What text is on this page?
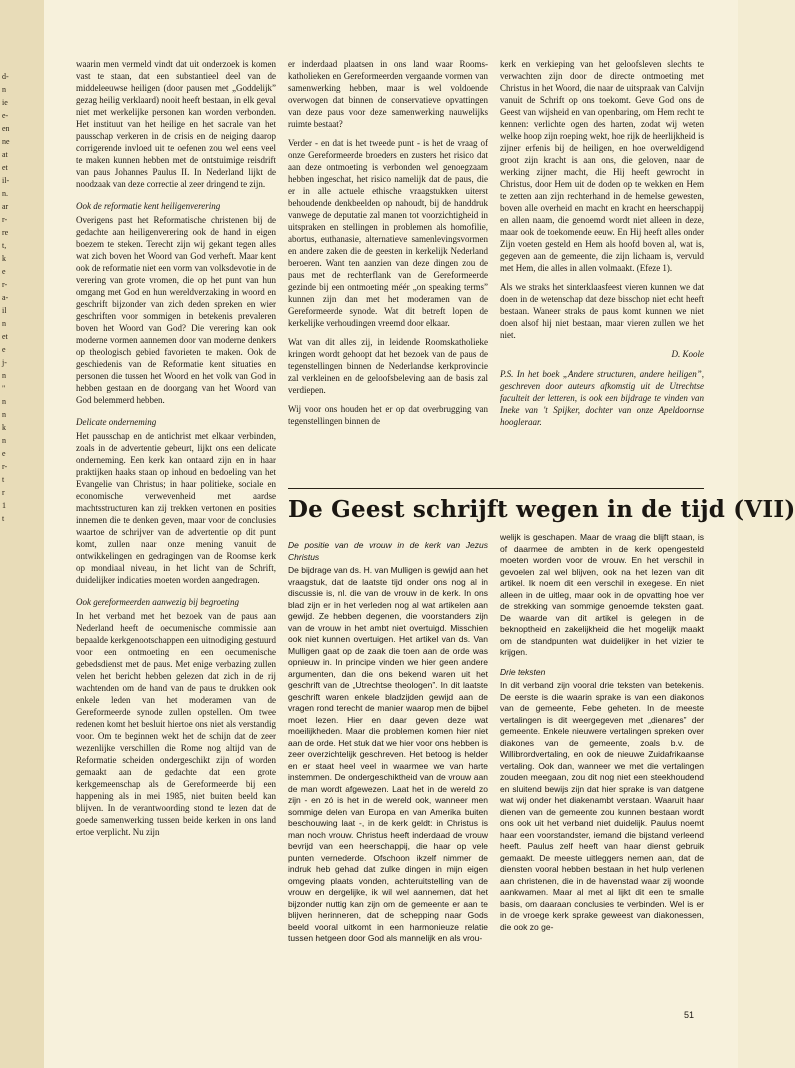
d-
n
ie
e-
en
ne
at
et
il-
n.
ar
r-
re
t,
k
e
r-
a-
il
n
et
e
j-
n
"
n
n
k
n
e
r-
t
r
1
t

waarin men vermeld vindt dat uit onderzoek is komen vast te staan, dat een substantieel deel van de middeleeuwse heiligen (door pausen met „Goddelijk” gezag heilig verklaard) nooit heeft bestaan, in elk geval niet met werkelijke personen kan worden verbonden. Het instituut van het heilige en het sacrale van het pausschap verkeren in de crisis en de neiging daarop corrigerende invloed uit te oefenen zou wel eens veel te maken kunnen hebben met de ontstuimige reisdrift van paus Johannes Paulus II. In Nederland lijkt de noodzaak van deze correctie al zeer dringend te zijn.

Ook de reformatie kent heiligenverering

Overigens past het Reformatische christenen bij de gedachte aan heiligenverering ook de hand in eigen boezem te steken. Terecht zijn wij gekant tegen alles wat zich boven het Woord van God verheft. Maar kent ook de reformatie niet een vorm van volksdevotie in de verering van grote vromen, die op het punt van hun omgang met God en hun wereldverzaking in woord en geschrift bijzonder van zich deden spreken en wier geschriften voor sommigen in betekenis prevaleren boven het Woord van God? Die verering kan ook moderne vormen aannemen door van moderne denkers op theologisch gebied favorieten te maken. Ook de geschiedenis van de Reformatie kent situaties en personen die tussen het Woord en het volk van God in hebben gestaan en de doorgang van het Woord van God belemmerd hebben.

Delicate onderneming

Het pausschap en de antichrist met elkaar verbinden, zoals in de advertentie gebeurt, lijkt ons een delicate onderneming. Een kerk kan ontaard zijn en in haar praktijken haaks staan op inhoud en bedoeling van het Evangelie van Christus; in haar politieke, sociale en economische verwevenheid met aardse machtsstructuren kan zij trekken vertonen en posities innemen die te denken geven, maar voor de conclusies waartoe de schrijver van de advertentie op dit punt komt, zullen naar onze mening vanuit de ontwikkelingen en gedragingen van de Roomse kerk op mondiaal niveau, in het licht van de Schrift, duidelijker indicaties moeten worden aangedragen.

Ook gereformeerden aanwezig bij begroeting

In het verband met het bezoek van de paus aan Nederland heeft de oecumenische commissie aan bepaalde kerkgenootschappen een uitnodiging gestuurd voor een ontmoeting en een oecumenische gebedsdienst met de paus. Met enige verbazing zullen velen het bericht hebben gelezen dat zich in de rij wachtenden om de hand van de paus te drukken ook enkele leden van het moderamen van de Gereformeerde synode zullen opstellen. Om twee redenen komt het besluit hiertoe ons niet als verstandig voor. Om te beginnen wekt het de schijn dat de zeer wezenlijke verschillen die Rome nog altijd van de Reformatie scheiden ondergeschikt zijn of worden gemaakt aan de gedachte dat een grote kerkgemeenschap als de Gereformeerde bij een happening als in mei 1985, niet buiten beeld kan blijven. In de verantwoording stond te lezen dat de goede samenwerking tussen beide kerken in ons land ertoe verplicht. Nu zijn

er inderdaad plaatsen in ons land waar Rooms-katholieken en Gereformeerden vergaande vormen van samenwerking hebben, maar is wel voldoende overwogen dat binnen de conservatieve opvattingen van deze paus voor deze samenwerking nauwelijks ruimte bestaat?

Verder - en dat is het tweede punt - is het de vraag of onze Gereformeerde broeders en zusters het risico dat aan deze ontmoeting is verbonden wel genoegzaam hebben ingeschat, het risico namelijk dat de paus, die er in alle actuele ethische vraagstukken uiterst behoudende denkbeelden op nahoudt, bij de handdruk vanwege de deputatie zal manen tot voorzichtigheid in uitspraken en stellingen in problemen als homofilie, abortus, euthanasie, alternatieve samenlevingsvormen en andere zaken die de geesten in kerkelijk Nederland beroeren. Want ten aanzien van deze dingen zou de paus met de rechterflank van de Gereformeerde gezinde bij een ontmoeting méér „on speaking terms” kunnen zijn dan met het moderamen van de Gereformeerde synode. Wat dit betreft lopen de kerkelijke verhoudingen vreemd door elkaar.

Wat van dit alles zij, in leidende Roomskatholieke kringen wordt gehoopt dat het bezoek van de paus de tegenstellingen binnen de Nederlandse kerkprovincie zal verkleinen en de geloofsbeleving aan de basis zal verdiepen.

Wij voor ons houden het er op dat overbrugging van tegenstellingen binnen de

kerk en verkieping van het geloofsleven slechts te verwachten zijn door de directe ontmoeting met Christus in het Woord, die naar de uitspraak van Calvijn vanuit de Schrift op ons toekomt. Geve God ons de Geest van wijsheid en van openbaring, om Hem recht te kennen: verlichte ogen des harten, zodat wij weten welke hoop zijn roeping wekt, hoe rijk de heerlijkheid is zijner erfenis bij de heiligen, en hoe overweldigend groot zijn kracht is aan ons, die geloven, naar de werking zijner macht, die Hij heeft gewrocht in Christus, door Hem uit de doden op te wekken en Hem te zetten aan zijn rechterhand in de hemelse gewesten, boven alle overheid en macht en kracht en heerschappij en allen naam, die genoemd wordt niet alleen in deze, maar ook de toekomende eeuw. En Hij heeft alles onder Zijn voeten gesteld en Hem als hoofd boven al, wat is, gegeven aan de gemeente, die zijn lichaam is, vervuld met Hem, die alles in allen volmaakt. (Efeze 1).

Als we straks het sinterklaasfeest vieren kunnen we dat doen in de wetenschap dat deze bisschop niet echt heeft bestaan. Waneer straks de paus komt kunnen we niet doen alsof hij niet bestaan, maar vieren zullen we het niet.

D. Koole
P.S. In het boek „Andere structuren, andere heiligen”, geschreven door auteurs afkomstig uit de Utrechtse faculteit der letteren, is ook een bijdrage te vinden van Ineke van 't Spijker, dochter van onze Apeldoornse hoogleraar.
De Geest schrijft wegen in de tijd (VII)
De positie van de vrouw in de kerk van Jezus Christus

De bijdrage van ds. H. van Mulligen is gewijd aan het vraagstuk, dat de laatste tijd onder ons nog al in discussie is, nl. die van de vrouw in de kerk. In ons blad zijn er in het verleden nog al wat artikelen aan gewijd. Ze hebben degenen, die voorstanders zijn van de vrouw in het ambt niet overtuigd. Misschien ook niet kunnen overtuigen. Het artikel van ds. Van Mulligen gaat op de zaak die toen aan de orde was opnieuw in. In principe vinden we hier geen andere argumenten, dan die ons bekend waren uit het geschrift van de „Utrechtse theologen”. In dit laatste geschrift waren enkele bladzijden gewijd aan de vragen rond terecht de manier waarop men de bijbel moet lezen. Hier en daar geven deze wat moeilijkheden. Maar die problemen komen hier niet aan de orde. Het stuk dat we hier voor ons hebben is zeer overzichtelijk geschreven. Het betoog is helder en er staat heel veel in waarmee we van harte instemmen. De ondergeschiktheid van de vrouw aan de man wordt afgewezen. Laat het in de wereld zo zijn - en zó is het in de wereld ook, wanneer men sommige delen van Europa en van Amerika buiten beschouwing laat -, in de kerk geldt: in Christus is man noch vrouw. Christus heeft inderdaad de vrouw bevrijd van een heerschappij, die haar op vele punten vernederde. Ofschoon ikzelf nimmer de indruk heb gehad dat zulke dingen in mijn eigen omgeving plaats vonden, achteruitstelling van de vrouw en dergelijke, ik wil wel aannemen, dat het bijzonder nuttig kan zijn om de gemeente er aan te blijven herinneren, dat de schepping naar Gods beeld vooral uitkomt in een harmonieuze relatie tussen hetgeen door God als mannelijk en als vrou-

welijk is geschapen. Maar de vraag die blijft staan, is of daarmee de ambten in de kerk opengesteld moeten worden voor de vrouw. En het verschil in gevoelen zal wel blijven, ook na het lezen van dit artikel. Ik noem dit een verschil in exegese. En niet alleen in de uitleg, maar ook in de opvatting hoe ver de strekking van sommige genoemde teksten gaat. De waarde van dit artikel is gelegen in de beknoptheid en zakelijkheid die het mogelijk maakt om de standpunten wat duidelijker in het vizier te krijgen.

Drie teksten

In dit verband zijn vooral drie teksten van betekenis. De eerste is die waarin sprake is van een diakonos van de gemeente, Febe geheten. In de meeste vertalingen is dit weergegeven met „dienares” der gemeente. Enkele nieuwere vertalingen spreken over diakones van de gemeente, zoals b.v. de Willibrordvertaling, en ook de nieuwe Zuidafrikaanse vertaling. Ook dan, wanneer we met die vertalingen zouden meegaan, zou dit nog niet een steekhoudend en sluitend bewijs zijn dat hier sprake is van datgene wat wij onder het diakenambt verstaan. Waaruit haar dienen van de gemeente zou kunnen bestaan wordt ons ook uit het verband niet duidelijk. Paulus noemt haar een voorstandster, iemand die bijstand verleend heeft. Paulus zelf heeft van haar dienst gebruik gemaakt. De meeste uitleggers nemen aan, dat de diensten vooral hebben bestaan in het hulp verlenen aan christenen, die in de havenstad waar zij woonde aankwamen. Maar al met al lijkt dit een te smalle basis, om daaraan conclusies te verbinden. Wel is er in de vroege kerk sprake geweest van diakonessen, die ook zo ge-

51
